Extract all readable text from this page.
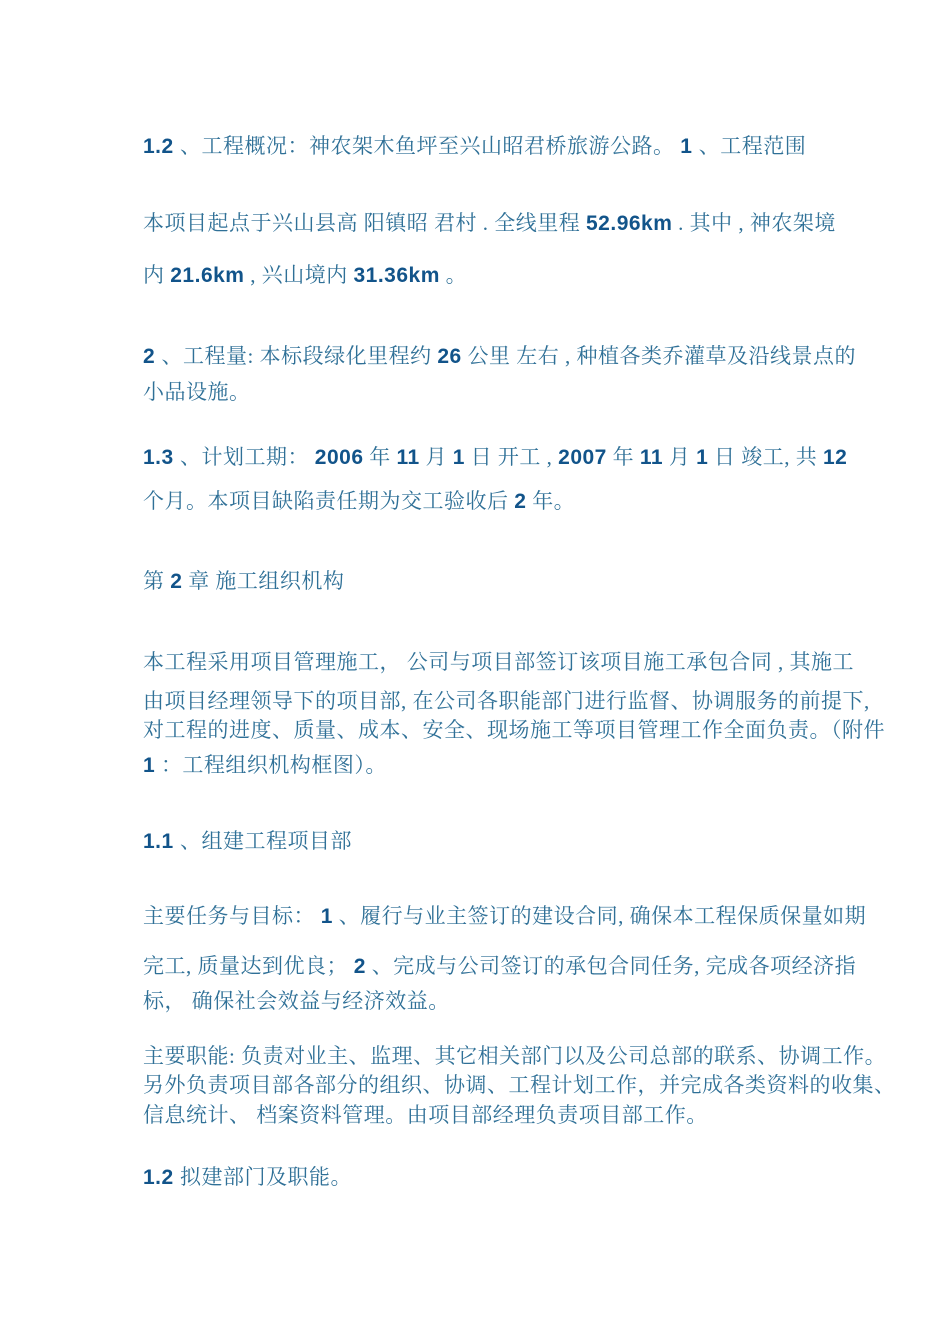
1.2 、工程概况：神农架木鱼坪至兴山昭君桥旅游公路。 1 、工程范围
本项目起点于兴山县高 阳镇昭 君村 . 全线里程 52.96km . 其中 , 神农架境
内 21.6km , 兴山境内 31.36km 。
2 、工程量: 本标段绿化里程约 26 公里 左右 , 种植各类乔灌草及沿线景点的
小品设施。
1.3 、计划工期： 2006 年 11 月 1 日 开工 , 2007 年 11 月 1 日 竣工, 共 12
个月。本项目缺陷责任期为交工验收后 2 年。
第 2 章 施工组织机构
本工程采用项目管理施工， 公司与项目部签订该项目施工承包合同 , 其施工
由项目经理领导下的项目部, 在公司各职能部门进行监督、协调服务的前提下,
对工程的进度、质量、成本、安全、现场施工等项目管理工作全面负责。（附件
1 ：工程组织机构框图）。
1.1 、组建工程项目部
主要任务与目标： 1 、履行与业主签订的建设合同, 确保本工程保质保量如期
完工, 质量达到优良； 2 、完成与公司签订的承包合同任务, 完成各项经济指
标， 确保社会效益与经济效益。
主要职能: 负责对业主、监理、其它相关部门以及公司总部的联系、协调工作。
另外负责项目部各部分的组织、协调、工程计划工作，并完成各类资料的收集、
信息统计、 档案资料管理。由项目部经理负责项目部工作。
1.2 拟建部门及职能。
